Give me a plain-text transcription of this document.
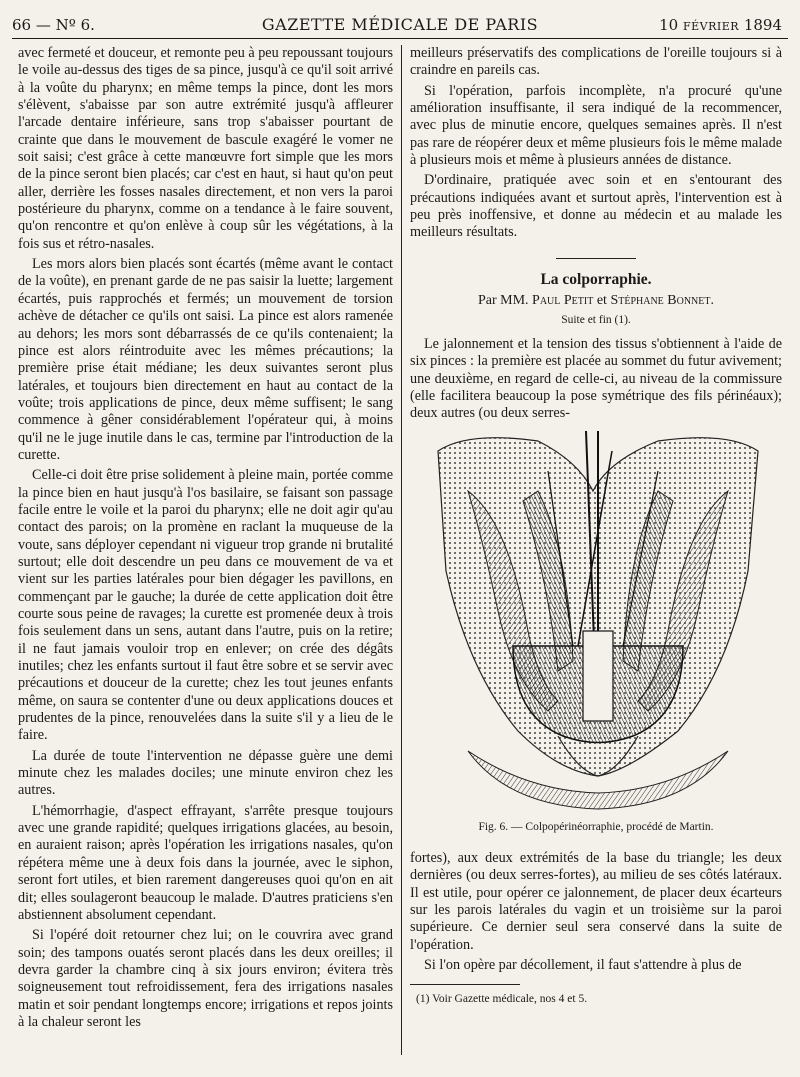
66 — Nº 6.	GAZETTE MÉDICALE DE PARIS	10 FÉVRIER 1894

avec fermeté et douceur, et remonte peu à peu repoussant toujours le voile au-dessus des tiges de sa pince, jusqu'à ce qu'il soit arrivé à la voûte du pharynx; en même temps la pince, dont les mors s'élèvent, s'abaisse par son autre extrémité jusqu'à affleurer l'arcade dentaire inférieure, sans trop s'abaisser pourtant de crainte que dans le mouvement de bascule exagéré le vomer ne soit saisi; c'est grâce à cette manœuvre fort simple que les mors de la pince seront bien placés; car c'est en haut, si haut qu'on peut aller, derrière les fosses nasales directement, et non vers la paroi postérieure du pharynx, comme on a tendance à le faire souvent, qu'on rencontre et qu'on enlève à coup sûr les végétations, à la fois sus et rétro-nasales.

Les mors alors bien placés sont écartés (même avant le contact de la voûte), en prenant garde de ne pas saisir la luette; largement écartés, puis rapprochés et fermés; un mouvement de torsion achève de détacher ce qu'ils ont saisi. La pince est alors ramenée au dehors; les mors sont débarrassés de ce qu'ils contenaient; la pince est alors réintroduite avec les mêmes précautions; la première prise était médiane; les deux suivantes seront plus latérales, et toujours bien directement en haut au contact de la voûte; trois applications de pince, deux même suffisent; le sang commence à gêner considérablement l'opérateur qui, à moins qu'il ne le juge inutile dans le cas, termine par l'introduction de la curette.

Celle-ci doit être prise solidement à pleine main, portée comme la pince bien en haut jusqu'à l'os basilaire, se faisant son passage facile entre le voile et la paroi du pharynx; elle ne doit agir qu'au contact des parois; on la promène en raclant la muqueuse de la voute, sans déployer cependant ni vigueur trop grande ni brutalité surtout; elle doit descendre un peu dans ce mouvement de va et vient sur les parties latérales pour bien dégager les pavillons, en commençant par le gauche; la durée de cette application doit être courte sous peine de ravages; la curette est promenée deux à trois fois seulement dans un sens, autant dans l'autre, puis on la retire; il ne faut jamais vouloir trop en enlever; on crée des dégâts inutiles; chez les enfants surtout il faut être sobre et se servir avec précautions et douceur de la curette; chez les tout jeunes enfants même, on saura se contenter d'une ou deux applications douces et prudentes de la pince, renouvelées dans la suite s'il y a lieu de le faire.

La durée de toute l'intervention ne dépasse guère une demi minute chez les malades dociles; une minute environ chez les autres.

L'hémorrhagie, d'aspect effrayant, s'arrête presque toujours avec une grande rapidité; quelques irrigations glacées, au besoin, en auraient raison; après l'opération les irrigations nasales, qu'on répétera même une à deux fois dans la journée, avec le siphon, seront fort utiles, et bien rarement dangereuses quoi qu'on en ait dit; elles soulageront beaucoup le malade. D'autres praticiens s'en abstiennent absolument cependant.

Si l'opéré doit retourner chez lui; on le couvrira avec grand soin; des tampons ouatés seront placés dans les deux oreilles; il devra garder la chambre cinq à six jours environ; évitera très soigneusement tout refroidissement, fera des irrigations nasales matin et soir pendant longtemps encore; irrigations et repos joints à la chaleur seront les

meilleurs préservatifs des complications de l'oreille toujours si à craindre en pareils cas.

Si l'opération, parfois incomplète, n'a procuré qu'une amélioration insuffisante, il sera indiqué de la recommencer, avec plus de minutie encore, quelques semaines après. Il n'est pas rare de réopérer deux et même plusieurs fois le même malade à plusieurs mois et même à plusieurs années de distance.

D'ordinaire, pratiquée avec soin et en s'entourant des précautions indiquées avant et surtout après, l'intervention est à peu près inoffensive, et donne au médecin et au malade les meilleurs résultats.

La colporraphie.
Par MM. Paul Petit et Stéphane Bonnet.
Suite et fin (1).

Le jalonnement et la tension des tissus s'obtiennent à l'aide de six pinces : la première est placée au sommet du futur avivement; une deuxième, en regard de celle-ci, au niveau de la commissure (elle facilitera beaucoup la pose symétrique des fils périnéaux); deux autres (ou deux serres-

Fig. 6. — Colpopérinéorraphie, procédé de Martin.

fortes), aux deux extrémités de la base du triangle; les deux dernières (ou deux serres-fortes), au milieu de ses côtés latéraux. Il est utile, pour opérer ce jalonnement, de placer deux écarteurs sur les parois latérales du vagin et un troisième sur la paroi supérieure. Ce dernier seul sera conservé dans la suite de l'opération.

Si l'on opère par décollement, il faut s'attendre à plus de

(1) Voir Gazette médicale, nos 4 et 5.
